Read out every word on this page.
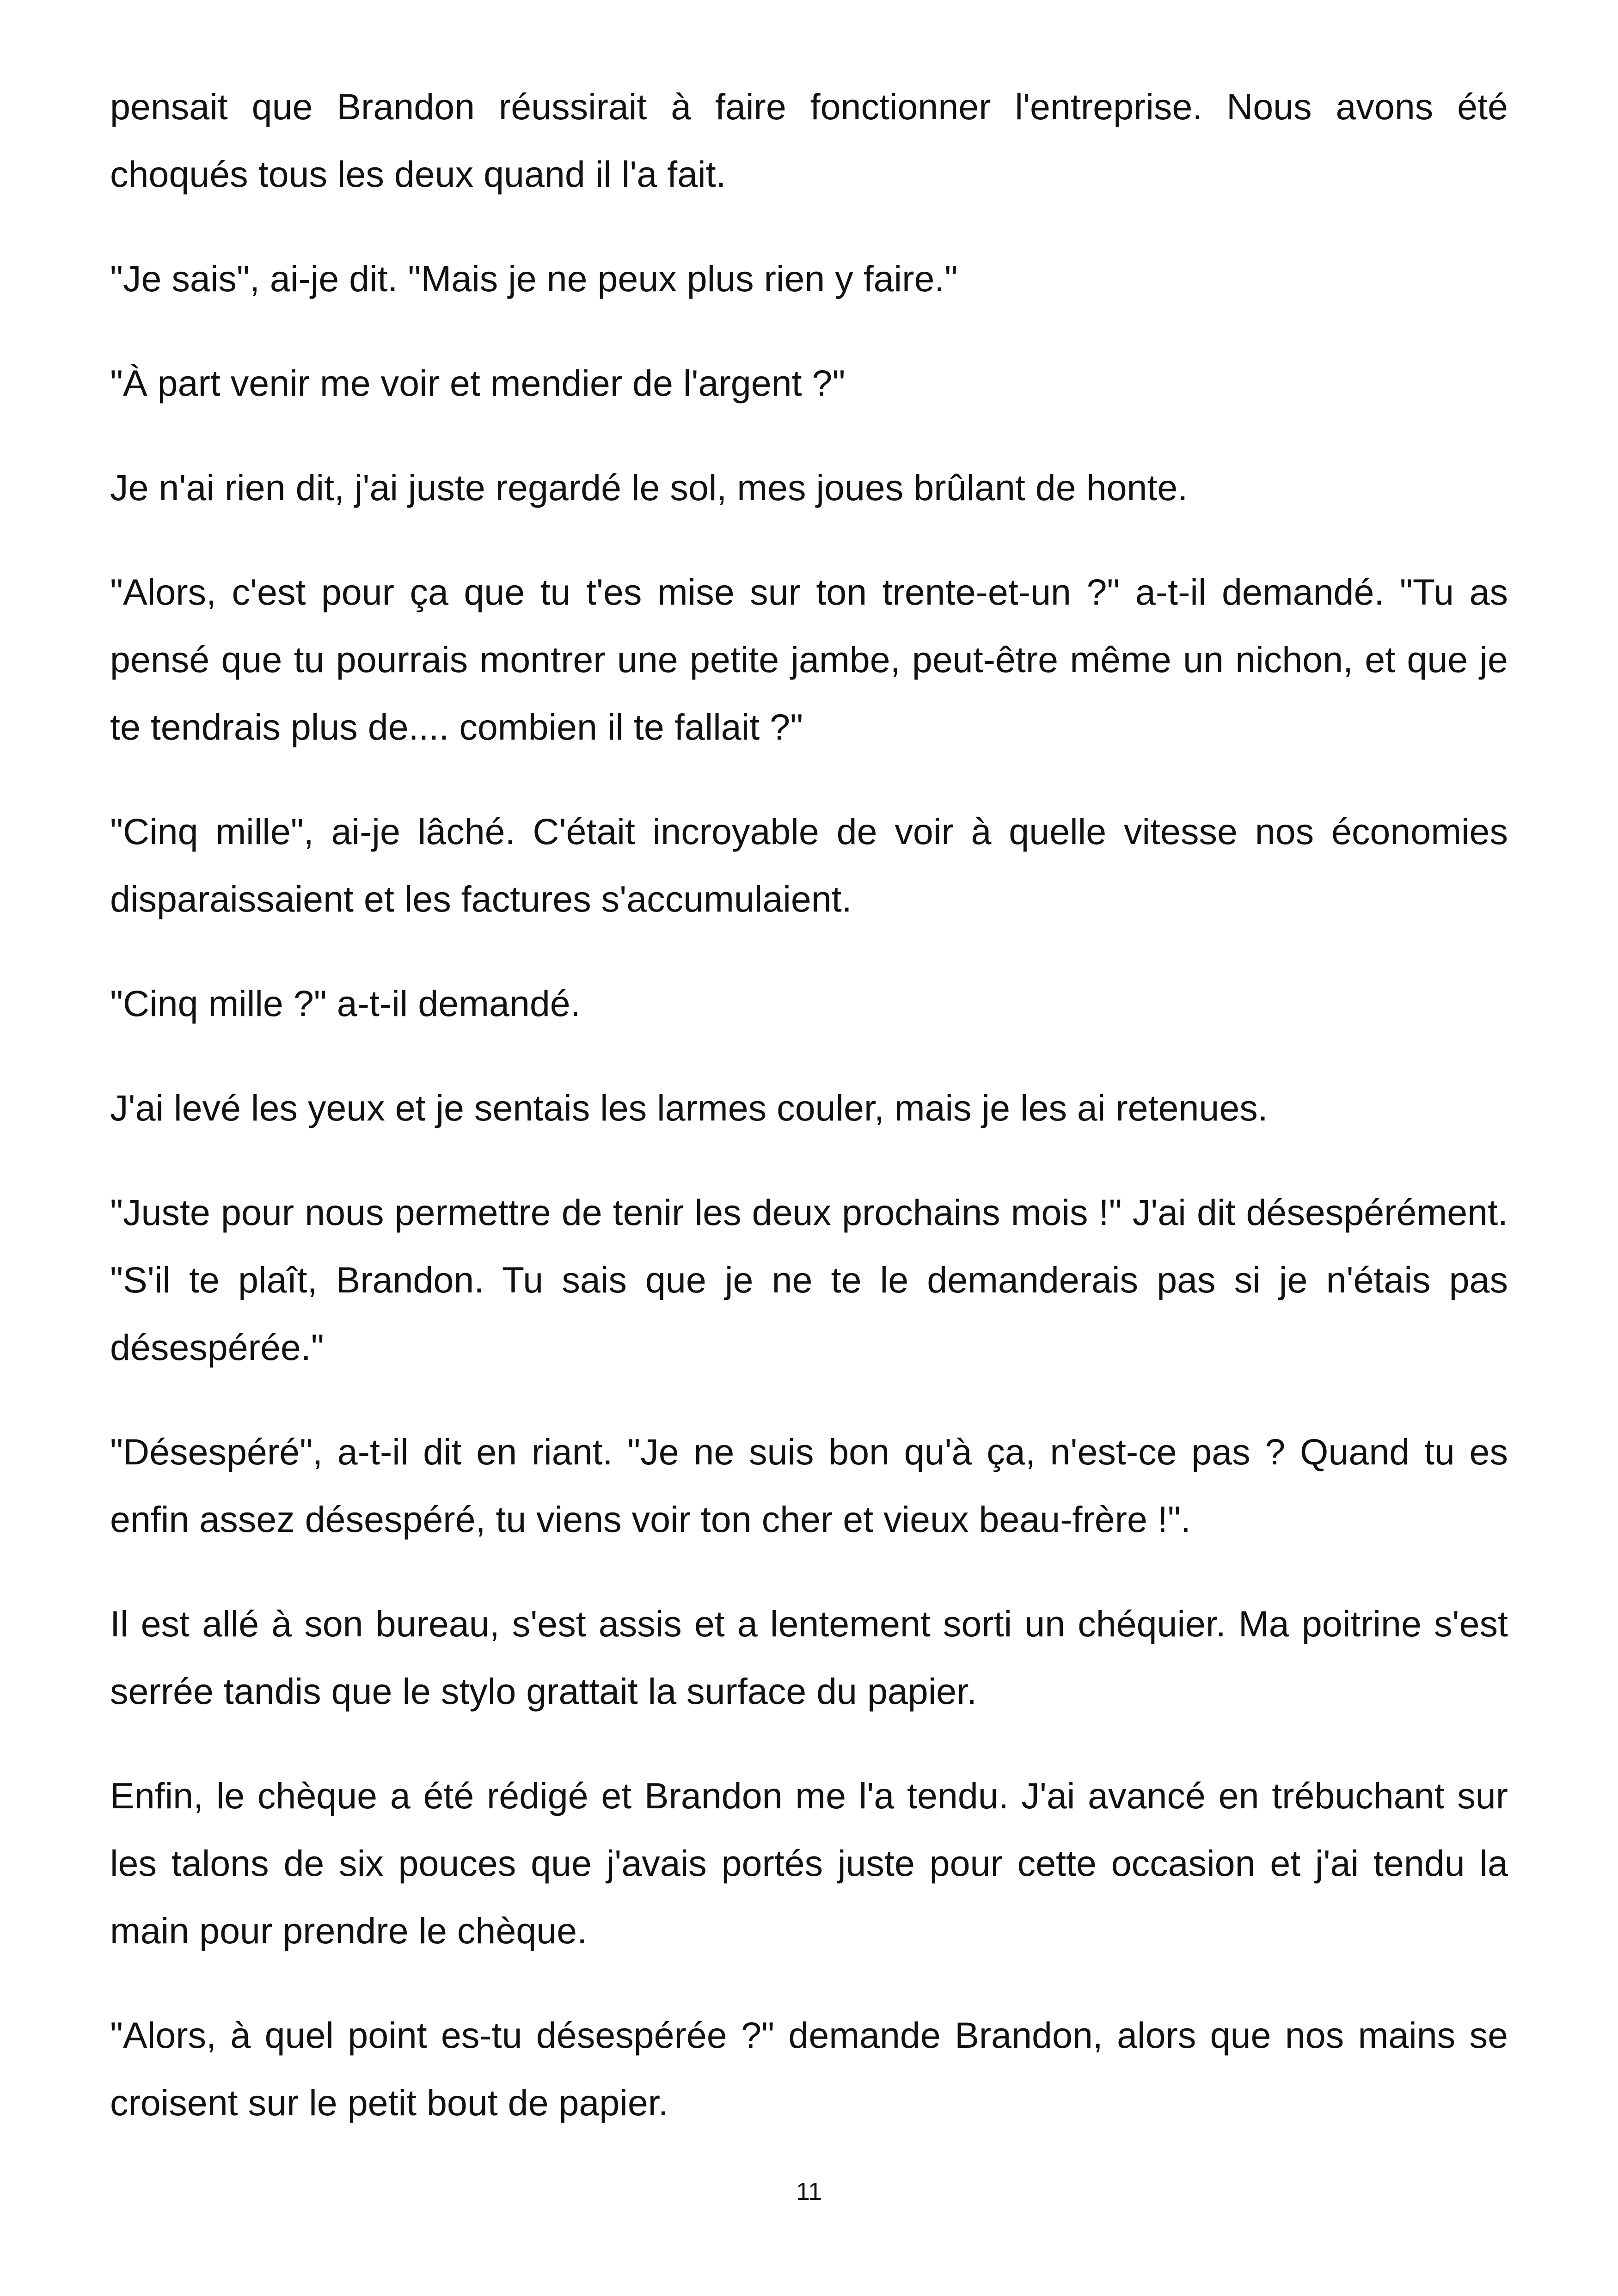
pensait que Brandon réussirait à faire fonctionner l'entreprise. Nous avons été choqués tous les deux quand il l'a fait.

"Je sais", ai-je dit. "Mais je ne peux plus rien y faire."

"À part venir me voir et mendier de l'argent ?"

Je n'ai rien dit, j'ai juste regardé le sol, mes joues brûlant de honte.

"Alors, c'est pour ça que tu t'es mise sur ton trente-et-un ?" a-t-il demandé. "Tu as pensé que tu pourrais montrer une petite jambe, peut-être même un nichon, et que je te tendrais plus de.... combien il te fallait ?"

"Cinq mille", ai-je lâché. C'était incroyable de voir à quelle vitesse nos économies disparaissaient et les factures s'accumulaient.

"Cinq mille ?" a-t-il demandé.

J'ai levé les yeux et je sentais les larmes couler, mais je les ai retenues.

"Juste pour nous permettre de tenir les deux prochains mois !" J'ai dit désespérément. "S'il te plaît, Brandon. Tu sais que je ne te le demanderais pas si je n'étais pas désespérée."

"Désespéré", a-t-il dit en riant. "Je ne suis bon qu'à ça, n'est-ce pas ? Quand tu es enfin assez désespéré, tu viens voir ton cher et vieux beau-frère !".

Il est allé à son bureau, s'est assis et a lentement sorti un chéquier. Ma poitrine s'est serrée tandis que le stylo grattait la surface du papier.

Enfin, le chèque a été rédigé et Brandon me l'a tendu. J'ai avancé en trébuchant sur les talons de six pouces que j'avais portés juste pour cette occasion et j'ai tendu la main pour prendre le chèque.

"Alors, à quel point es-tu désespérée ?" demande Brandon, alors que nos mains se croisent sur le petit bout de papier.

11
